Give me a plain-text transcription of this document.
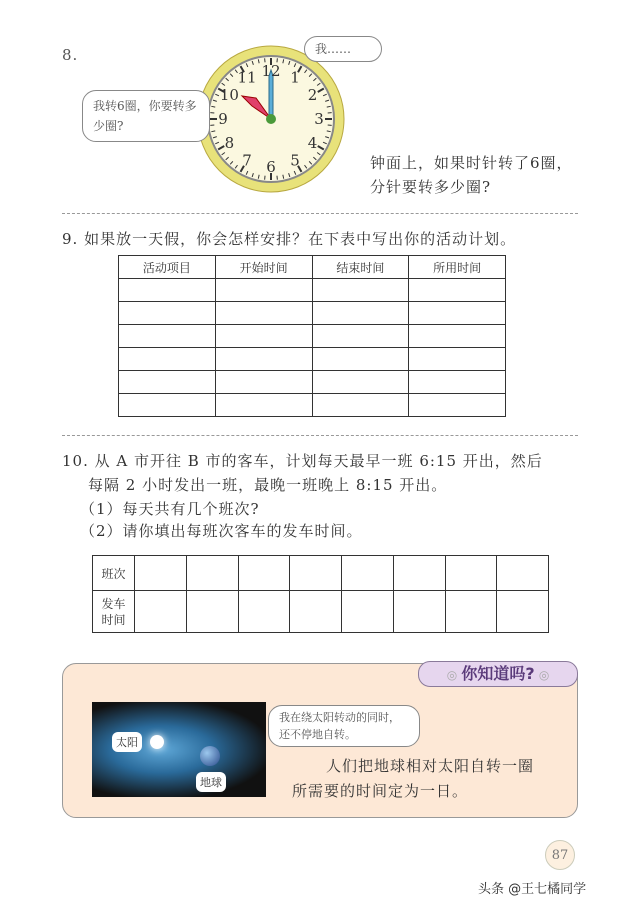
8.
12 1
2
3
4
5
6
7
8
9
10
11
我转6圈，你要转多少圈?
我……
钟面上，如果时针转了6圈，
分针要转多少圈?
9. 如果放一天假，你会怎样安排？在下表中写出你的活动计划。
活动项目	开始时间	结束时间	所用时间

10. 从 A 市开往 B 市的客车，计划每天最早一班 6:15 开出，然后
每隔 2 小时发出一班，最晚一班晚上 8:15 开出。
（1）每天共有几个班次?
（2）请你填出每班次客车的发车时间。
班次								
发车时间								
◎ 你知道吗? ◎
太阳
地球
我在绕太阳转动的同时，还不停地自转。
人们把地球相对太阳自转一圈
所需要的时间定为一日。
87
头条 @王七橘同学
